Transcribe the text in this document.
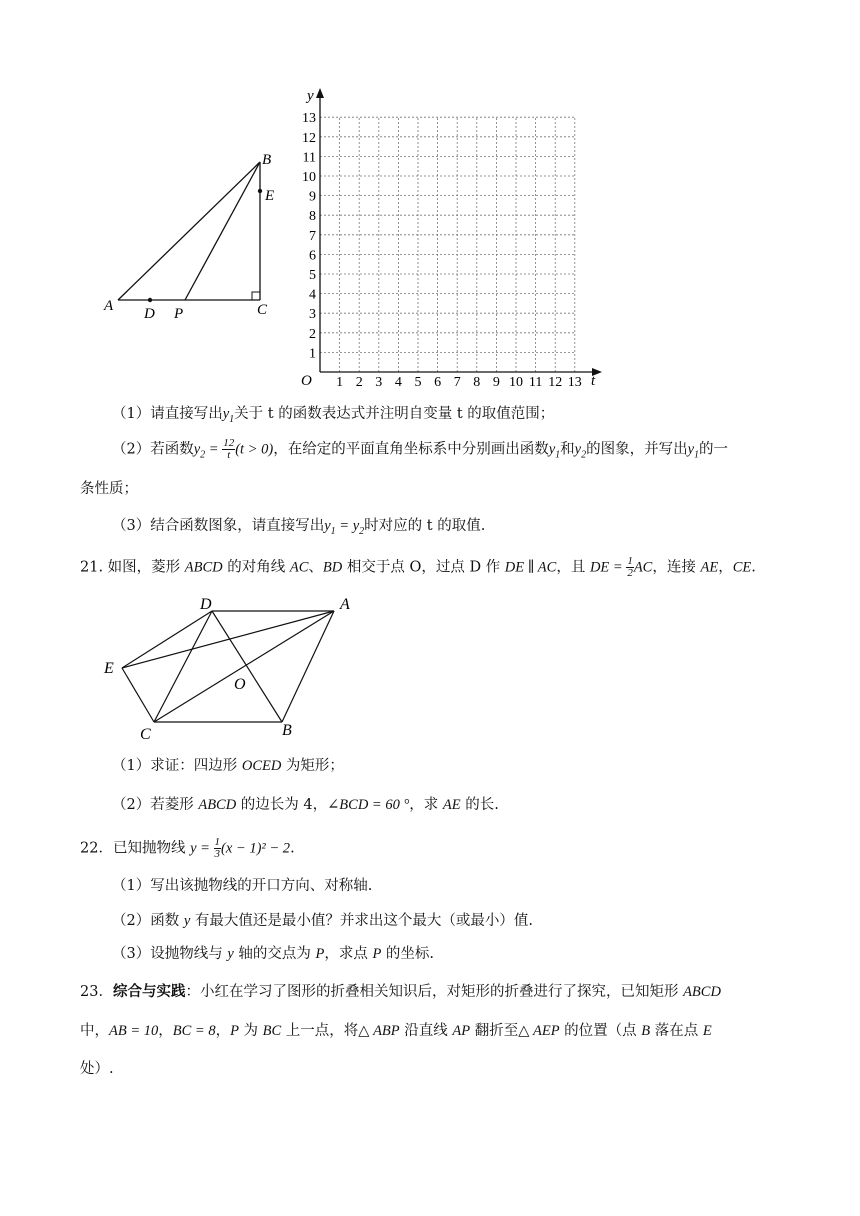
A D P	C
B
E
y
t
O 1 2 3 4 5 6 7 8 9 10 11 12 13
1
2
3
4
5
6
7
8
9
10
11
12
13
（1）请直接写出$y_1$关于 t 的函数表达式并注明自变量 t 的取值范围；
（2）若函数$y_2 = \frac{12}{t} (t > 0)$，在给定的平面直角坐标系中分别画出函数$y_1$和$y_2$的图象，并写出$y_1$的一
条性质；
（3）结合函数图象，请直接写出$y_1 = y_2$时对应的 t 的取值.
21. 如图，菱形 ABCD 的对角线 AC、BD 相交于点 O，过点 D 作 DE ∥ AC，且 DE = $\frac{1}{2}$ AC，连接 AE，CE.
D	A
E
O
C	B
（1）求证：四边形 OCED 为矩形；
（2）若菱形 ABCD 的边长为 4，∠BCD = 60 °，求 AE 的长.
22．已知抛物线 $y = \frac{1}{3} (x - 1)^2 - 2$.
（1）写出该抛物线的开口方向、对称轴.
（2）函数 y 有最大值还是最小值？并求出这个最大（或最小）值.
（3）设抛物线与 y 轴的交点为 P，求点 P 的坐标.
23．综合与实践：小红在学习了图形的折叠相关知识后，对矩形的折叠进行了探究，已知矩形 ABCD
中，AB = 10，BC = 8，P 为 BC 上一点，将△ ABP 沿直线 AP 翻折至△ AEP 的位置（点 B 落在点 E
处）.
